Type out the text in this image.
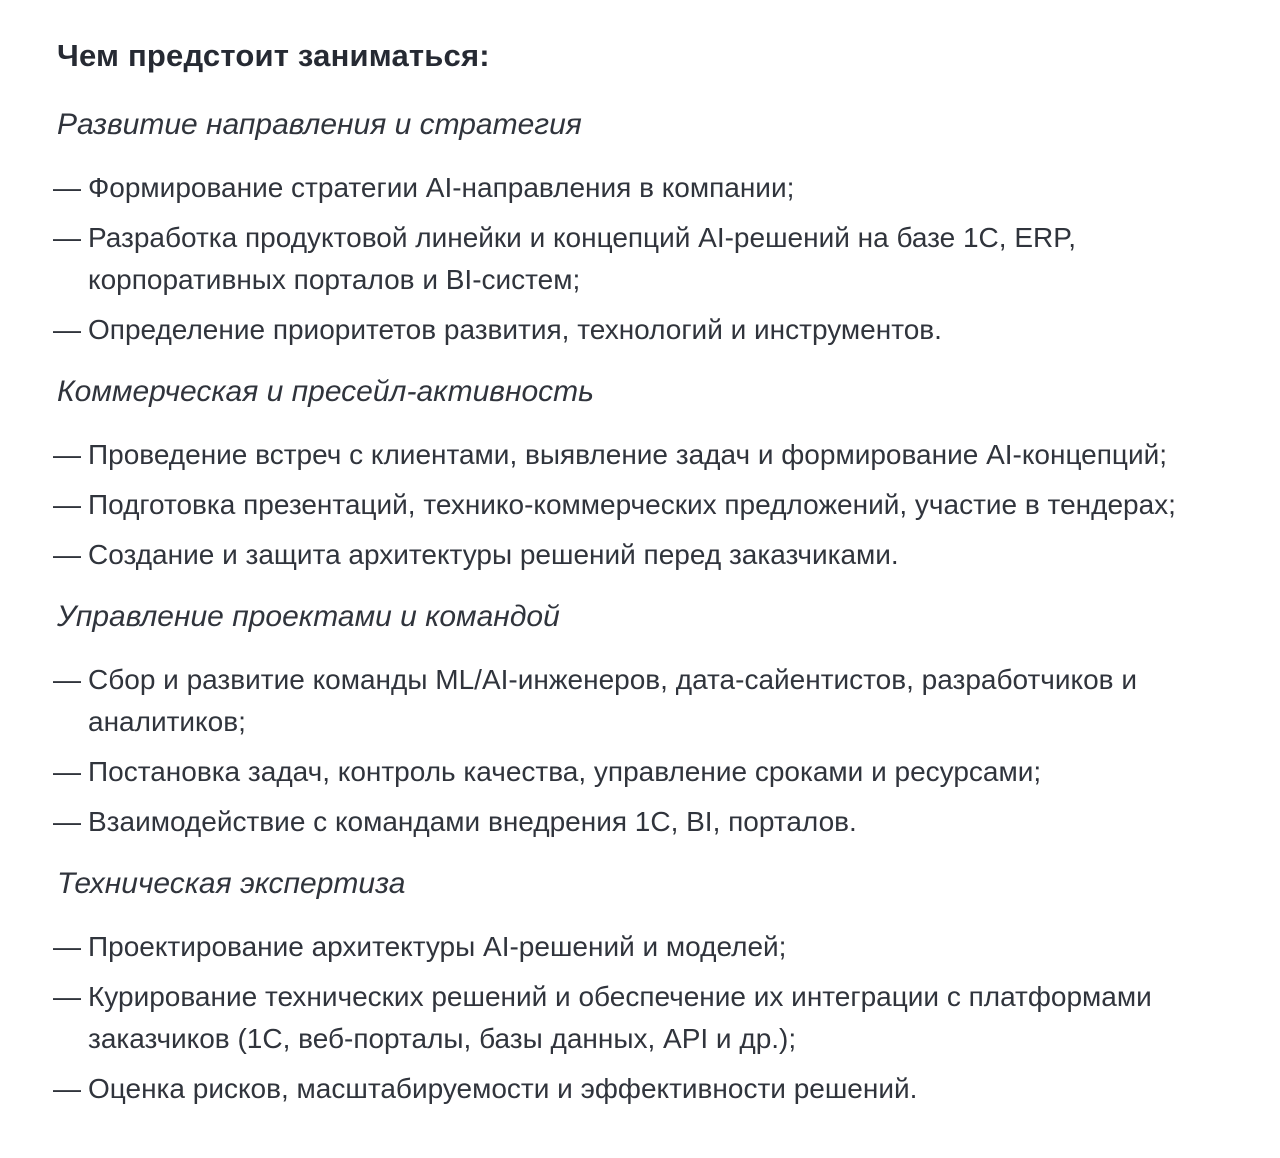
Чем предстоит заниматься:
Развитие направления и стратегия
— Формирование стратегии AI-направления в компании;
— Разработка продуктовой линейки и концепций AI-решений на базе 1С, ERP, корпоративных порталов и BI-систем;
— Определение приоритетов развития, технологий и инструментов.
Коммерческая и пресейл-активность
— Проведение встреч с клиентами, выявление задач и формирование AI-концепций;
— Подготовка презентаций, технико-коммерческих предложений, участие в тендерах;
— Создание и защита архитектуры решений перед заказчиками.
Управление проектами и командой
— Сбор и развитие команды ML/AI-инженеров, дата-сайентистов, разработчиков и аналитиков;
— Постановка задач, контроль качества, управление сроками и ресурсами;
— Взаимодействие с командами внедрения 1С, BI, порталов.
Техническая экспертиза
— Проектирование архитектуры AI-решений и моделей;
— Курирование технических решений и обеспечение их интеграции с платформами заказчиков (1С, веб-порталы, базы данных, API и др.);
— Оценка рисков, масштабируемости и эффективности решений.
